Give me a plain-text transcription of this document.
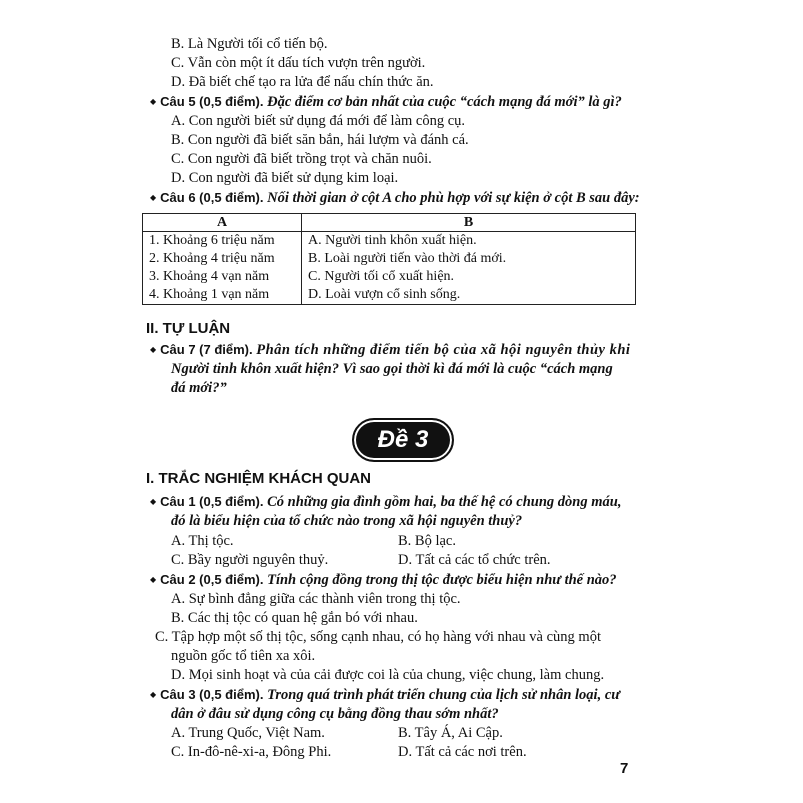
B. Là Người tối cổ tiến bộ.
C. Vẫn còn một ít dấu tích vượn trên người.
D. Đã biết chế tạo ra lửa để nấu chín thức ăn.
◆ Câu 5 (0,5 điểm). Đặc điểm cơ bản nhất của cuộc “cách mạng đá mới” là gì?
A. Con người biết sử dụng đá mới để làm công cụ.
B. Con người đã biết săn bắn, hái lượm và đánh cá.
C. Con người đã biết trồng trọt và chăn nuôi.
D. Con người đã biết sử dụng kim loại.
◆ Câu 6 (0,5 điểm). Nối thời gian ở cột A cho phù hợp với sự kiện ở cột B sau đây:
A	B
1. Khoảng 6 triệu năm	A. Người tinh khôn xuất hiện.
2. Khoảng 4 triệu năm	B. Loài người tiến vào thời đá mới.
3. Khoảng 4 vạn năm	C. Người tối cổ xuất hiện.
4. Khoảng 1 vạn năm	D. Loài vượn cổ sinh sống.
II. TỰ LUẬN
◆ Câu 7 (7 điểm). Phân tích những điểm tiến bộ của xã hội nguyên thủy khi
Người tinh khôn xuất hiện? Vì sao gọi thời kì đá mới là cuộc “cách mạng
đá mới?”
Đề 3
I. TRẮC NGHIỆM KHÁCH QUAN
◆ Câu 1 (0,5 điểm). Có những gia đình gồm hai, ba thế hệ có chung dòng máu,
đó là biểu hiện của tổ chức nào trong xã hội nguyên thuỷ?
A. Thị tộc.	B. Bộ lạc.
C. Bầy người nguyên thuỷ.	D. Tất cả các tổ chức trên.
◆ Câu 2 (0,5 điểm). Tính cộng đồng trong thị tộc được biểu hiện như thế nào?
A. Sự bình đẳng giữa các thành viên trong thị tộc.
B. Các thị tộc có quan hệ gắn bó với nhau.
C. Tập hợp một số thị tộc, sống cạnh nhau, có họ hàng với nhau và cùng một
nguồn gốc tổ tiên xa xôi.
D. Mọi sinh hoạt và của cải được coi là của chung, việc chung, làm chung.
◆ Câu 3 (0,5 điểm). Trong quá trình phát triển chung của lịch sử nhân loại, cư
dân ở đâu sử dụng công cụ bằng đồng thau sớm nhất?
A. Trung Quốc, Việt Nam.	B. Tây Á, Ai Cập.
C. In-đô-nê-xi-a, Đông Phi.	D. Tất cả các nơi trên.
7
